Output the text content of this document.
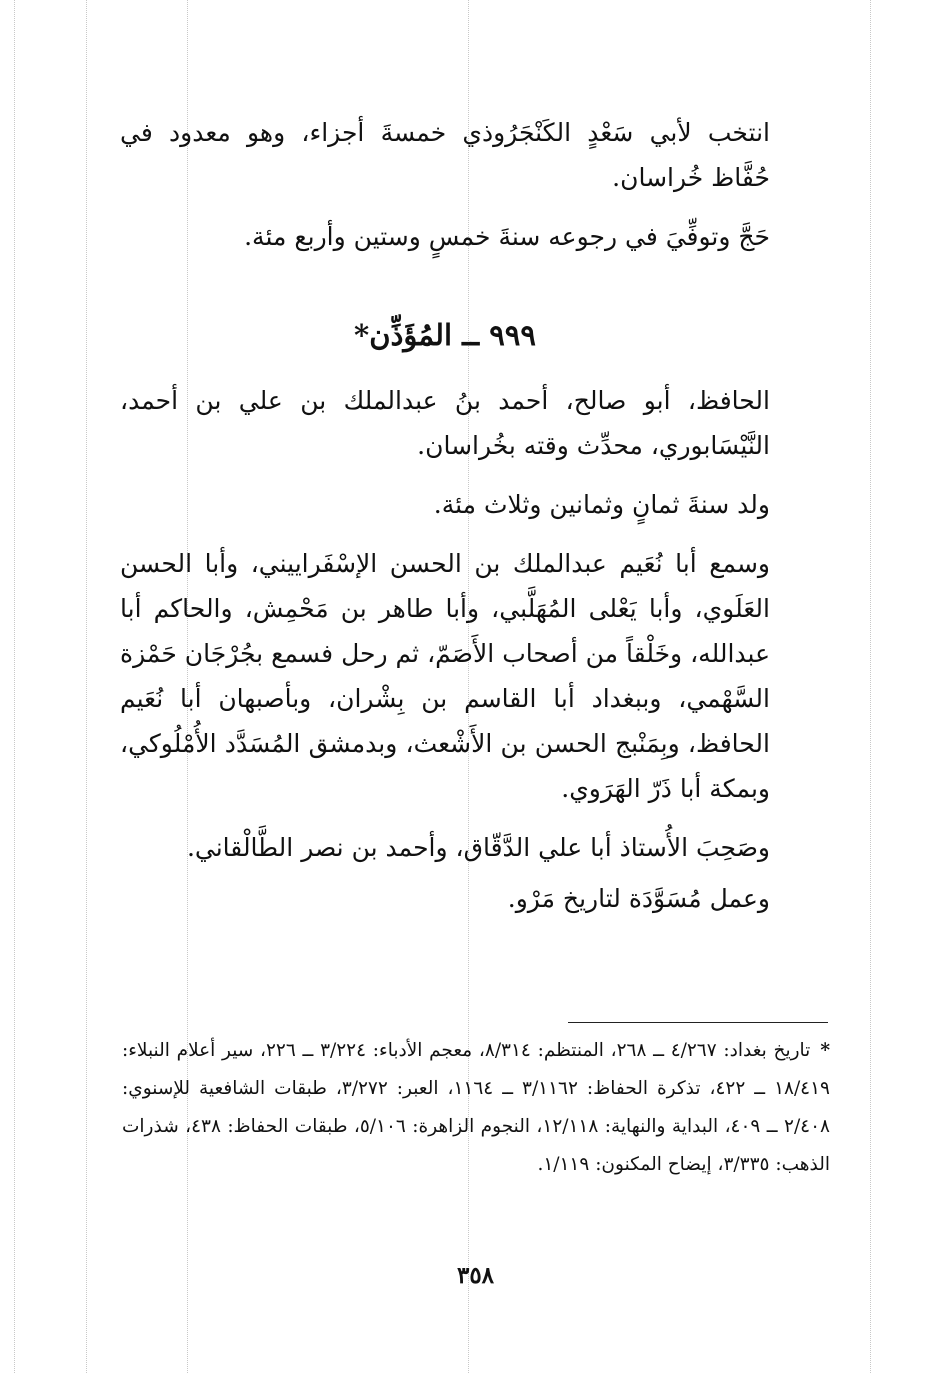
انتخب لأبي سَعْدٍ الكَنْجَرُوذي خمسةَ أجزاء، وهو معدود في حُفَّاظ خُراسان.

حَجَّ وتوفِّيَ في رجوعه سنةَ خمسٍ وستين وأربع مئة.

٩٩٩ ــ المُؤَذِّن*

الحافظ، أبو صالح، أحمد بنُ عبدالملك بن علي بن أحمد، النَّيْسَابوري، محدِّث وقته بخُراسان.

ولد سنةَ ثمانٍ وثمانين وثلاث مئة.

وسمع أبا نُعَيم عبدالملك بن الحسن الإسْفَراييني، وأبا الحسن العَلَوي، وأبا يَعْلى المُهَلَّبي، وأبا طاهر بن مَحْمِش، والحاكم أبا عبدالله، وخَلْقاً من أصحاب الأَصَمّ، ثم رحل فسمع بجُرْجَان حَمْزة السَّهْمي، وببغداد أبا القاسم بن بِشْران، وبأصبهان أبا نُعَيم الحافظ، وبِمَنْبج الحسن بن الأَشْعث، وبدمشق المُسَدَّد الأُمْلُوكي، وبمكة أبا ذَرّ الهَرَوي.

وصَحِبَ الأُستاذ أبا علي الدَّقّاق، وأحمد بن نصر الطَّالْقاني.

وعمل مُسَوَّدَة لتاريخ مَرْو.

*تاريخ بغداد: ٤/٢٦٧ ــ ٢٦٨، المنتظم: ٨/٣١٤، معجم الأدباء: ٣/٢٢٤ ــ ٢٢٦، سير أعلام النبلاء: ١٨/٤١٩ ــ ٤٢٢، تذكرة الحفاظ: ٣/١١٦٢ ــ ١١٦٤، العبر: ٣/٢٧٢، طبقات الشافعية للإسنوي: ٢/٤٠٨ ــ ٤٠٩، البداية والنهاية: ١٢/١١٨، النجوم الزاهرة: ٥/١٠٦، طبقات الحفاظ: ٤٣٨، شذرات الذهب: ٣/٣٣٥، إيضاح المكنون: ١/١١٩.

٣٥٨
